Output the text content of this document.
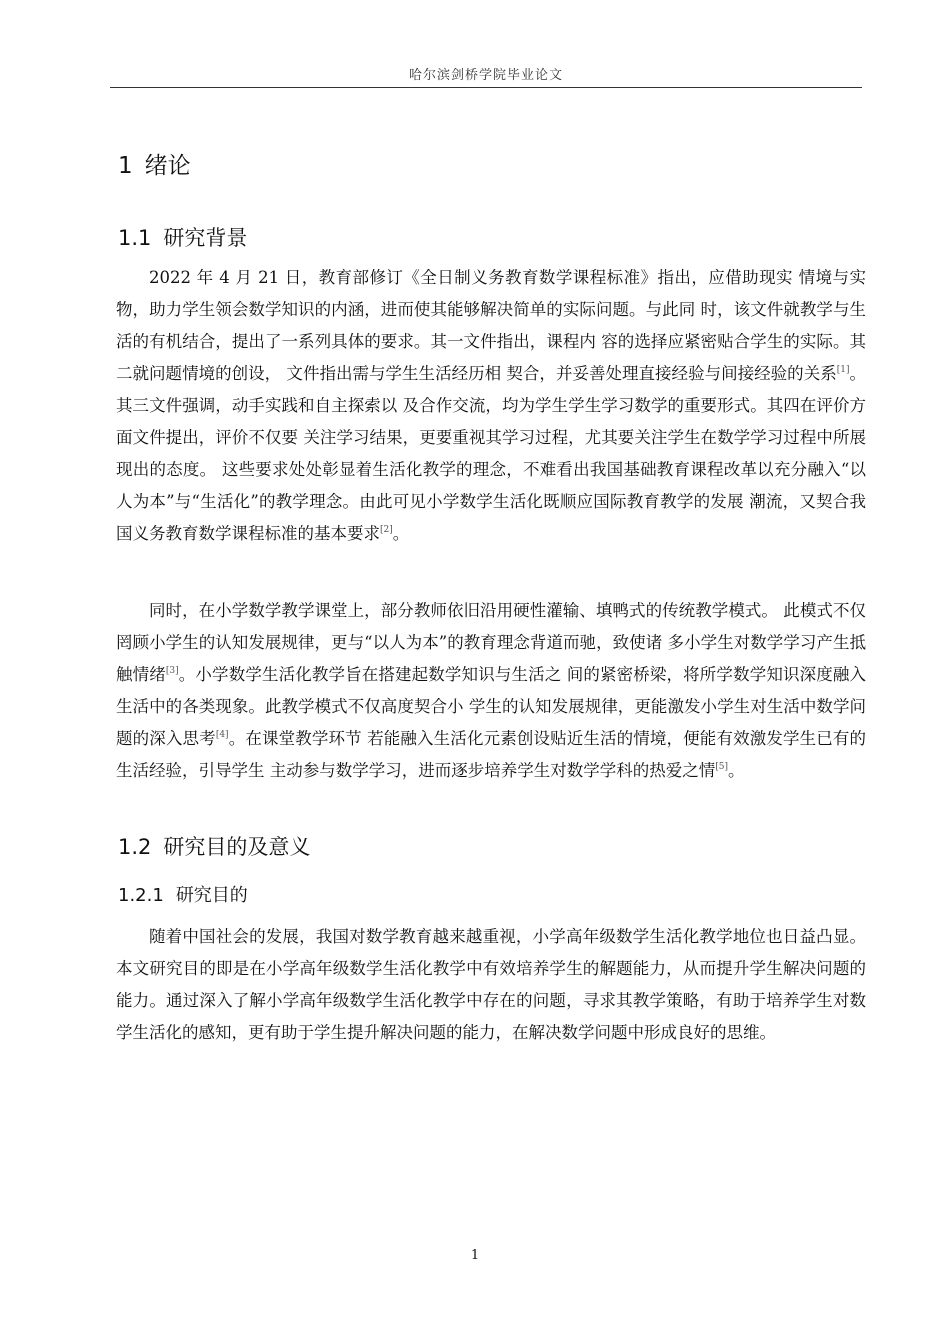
哈尔滨剑桥学院毕业论文
1 绪论
1.1 研究背景

2022 年 4 月 21 日，教育部修订《全日制义务教育数学课程标准》指出，应借助现实 情境与实物，助力学生领会数学知识的内涵，进而使其能够解决简单的实际问题。与此同 时，该文件就教学与生活的有机结合，提出了一系列具体的要求。其一文件指出，课程内 容的选择应紧密贴合学生的实际。其二就问题情境的创设， 文件指出需与学生生活经历相 契合，并妥善处理直接经验与间接经验的关系[1]。其三文件强调，动手实践和自主探索以 及合作交流，均为学生学生学习数学的重要形式。其四在评价方面文件提出，评价不仅要 关注学习结果，更要重视其学习过程，尤其要关注学生在数学学习过程中所展现出的态度。 这些要求处处彰显着生活化教学的理念，不难看出我国基础教育课程改革以充分融入“以 人为本”与“生活化”的教学理念。由此可见小学数学生活化既顺应国际教育教学的发展 潮流，又契合我国义务教育数学课程标准的基本要求[2]。

同时，在小学数学教学课堂上，部分教师依旧沿用硬性灌输、填鸭式的传统教学模式。 此模式不仅罔顾小学生的认知发展规律，更与“以人为本”的教育理念背道而驰，致使诸 多小学生对数学学习产生抵触情绪[3]。小学数学生活化教学旨在搭建起数学知识与生活之 间的紧密桥梁，将所学数学知识深度融入生活中的各类现象。此教学模式不仅高度契合小 学生的认知发展规律，更能激发小学生对生活中数学问题的深入思考[4]。在课堂教学环节 若能融入生活化元素创设贴近生活的情境，便能有效激发学生已有的生活经验，引导学生 主动参与数学学习，进而逐步培养学生对数学学科的热爱之情[5]。

1.2 研究目的及意义
1.2.1 研究目的

随着中国社会的发展，我国对数学教育越来越重视，小学高年级数学生活化教学地位也日益凸显。本文研究目的即是在小学高年级数学生活化教学中有效培养学生的解题能力，从而提升学生解决问题的能力。通过深入了解小学高年级数学生活化教学中存在的问题，寻求其教学策略，有助于培养学生对数学生活化的感知，更有助于学生提升解决问题的能力，在解决数学问题中形成良好的思维。

1
